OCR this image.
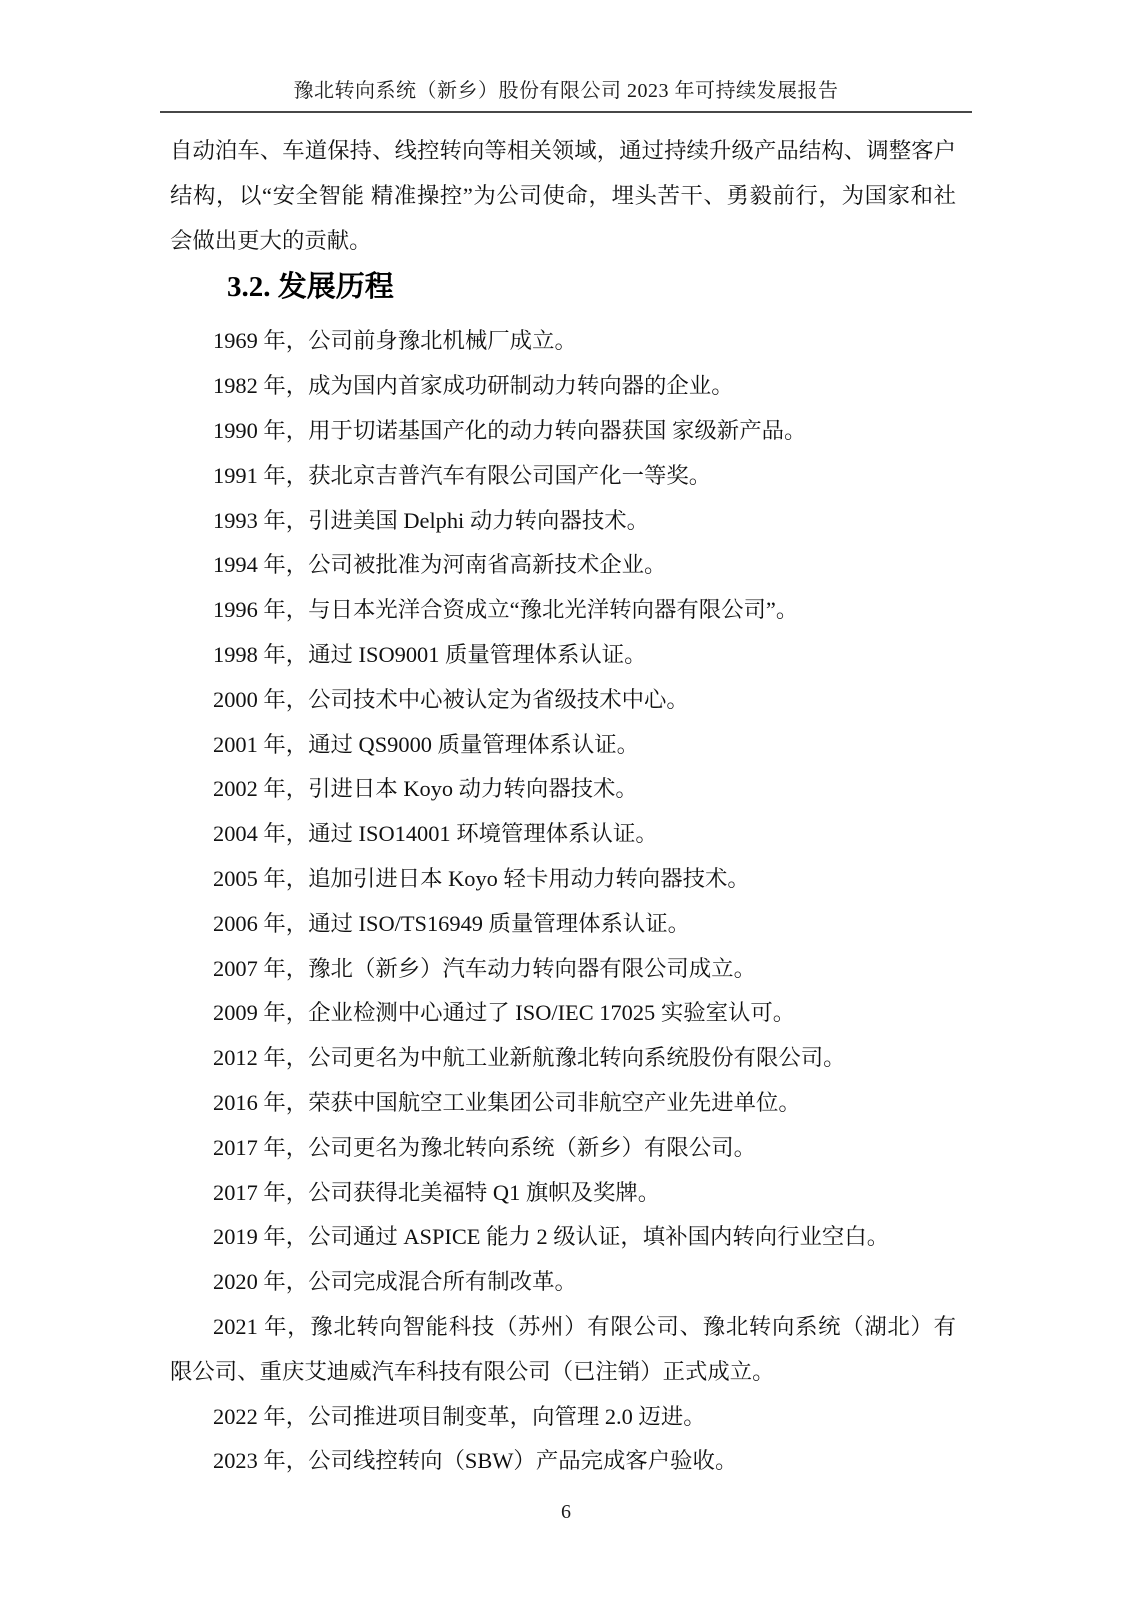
豫北转向系统（新乡）股份有限公司 2023 年可持续发展报告

自动泊车、车道保持、线控转向等相关领域，通过持续升级产品结构、调整客户结构，以“安全智能 精准操控”为公司使命，埋头苦干、勇毅前行，为国家和社会做出更大的贡献。

3.2. 发展历程

1969 年，公司前身豫北机械厂成立。

1982 年，成为国内首家成功研制动力转向器的企业。

1990 年，用于切诺基国产化的动力转向器获国 家级新产品。

1991 年，获北京吉普汽车有限公司国产化一等奖。

1993 年，引进美国 Delphi 动力转向器技术。

1994 年，公司被批准为河南省高新技术企业。

1996 年，与日本光洋合资成立“豫北光洋转向器有限公司”。

1998 年，通过 ISO9001 质量管理体系认证。

2000 年，公司技术中心被认定为省级技术中心。

2001 年，通过 QS9000 质量管理体系认证。

2002 年，引进日本 Koyo 动力转向器技术。

2004 年，通过 ISO14001 环境管理体系认证。

2005 年，追加引进日本 Koyo 轻卡用动力转向器技术。

2006 年，通过 ISO/TS16949 质量管理体系认证。

2007 年，豫北（新乡）汽车动力转向器有限公司成立。

2009 年，企业检测中心通过了 ISO/IEC 17025 实验室认可。

2012 年，公司更名为中航工业新航豫北转向系统股份有限公司。

2016 年，荣获中国航空工业集团公司非航空产业先进单位。

2017 年，公司更名为豫北转向系统（新乡）有限公司。

2017 年，公司获得北美福特 Q1 旗帜及奖牌。

2019 年，公司通过 ASPICE 能力 2 级认证，填补国内转向行业空白。

2020 年，公司完成混合所有制改革。

2021 年，豫北转向智能科技（苏州）有限公司、豫北转向系统（湖北）有限公司、重庆艾迪威汽车科技有限公司（已注销）正式成立。

2022 年，公司推进项目制变革，向管理 2.0 迈进。

2023 年，公司线控转向（SBW）产品完成客户验收。

6
